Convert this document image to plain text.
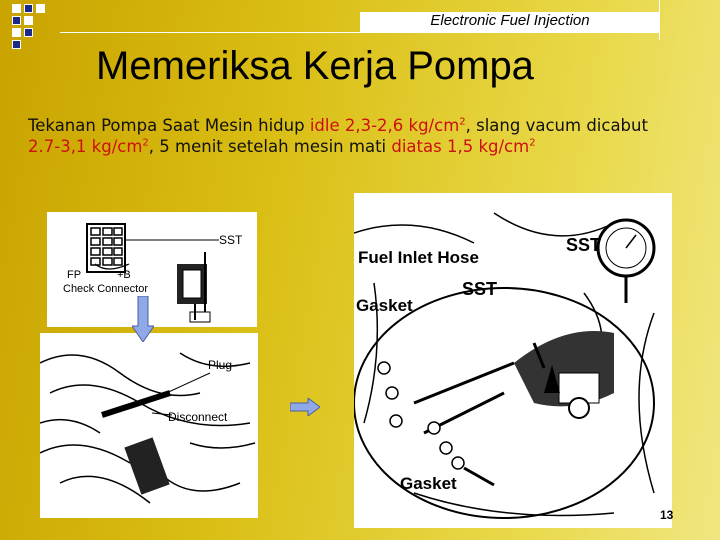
Electronic Fuel Injection
Memeriksa Kerja Pompa
Tekanan Pompa Saat Mesin hidup idle 2,3-2,6 $kg/cm^2$, slang vacum dicabut 2.7-3,1 $kg/cm^2$, 5 menit setelah mesin mati diatas 1,5 $kg/cm^2$
SST
FP	+B
Check Connector
Plug
Disconnect
Fuel Inlet Hose
SST
Gasket
SST
Gasket
13
